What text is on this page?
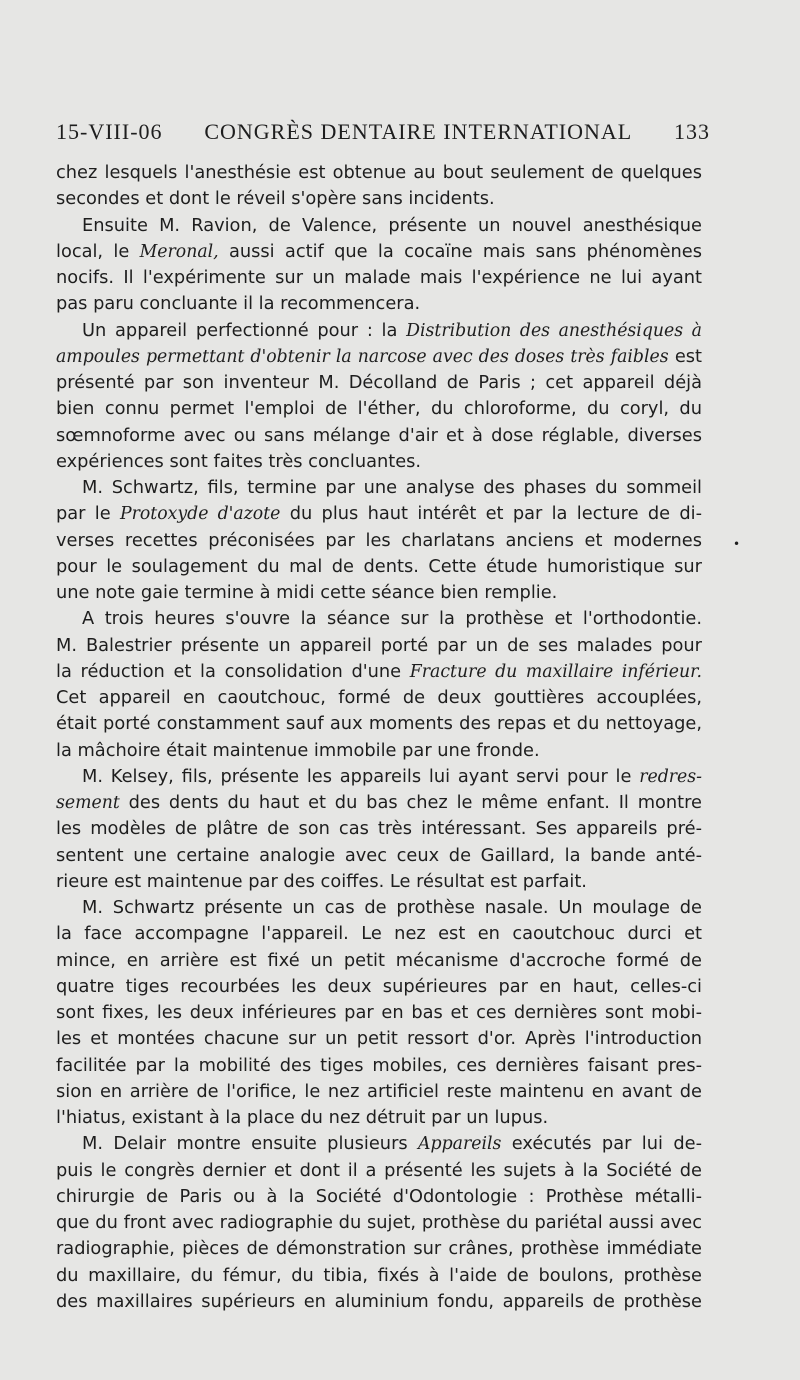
15-VIII-06 CONGRÈS DENTAIRE INTERNATIONAL 133
chez lesquels l'anesthésie est obtenue au bout seulement de quelques
secondes et dont le réveil s'opère sans incidents.
Ensuite M. Ravion, de Valence, présente un nouvel anesthésique
local, le Meronal, aussi actif que la cocaïne mais sans phénomènes
nocifs. Il l'expérimente sur un malade mais l'expérience ne lui ayant
pas paru concluante il la recommencera.
Un appareil perfectionné pour : la Distribution des anesthésiques à
ampoules permettant d'obtenir la narcose avec des doses très faibles est
présenté par son inventeur M. Décolland de Paris ; cet appareil déjà
bien connu permet l'emploi de l'éther, du chloroforme, du coryl, du
sœmnoforme avec ou sans mélange d'air et à dose réglable, diverses
expériences sont faites très concluantes.
M. Schwartz, fils, termine par une analyse des phases du sommeil
par le Protoxyde d'azote du plus haut intérêt et par la lecture de di-
verses recettes préconisées par les charlatans anciens et modernes
pour le soulagement du mal de dents. Cette étude humoristique sur
une note gaie termine à midi cette séance bien remplie.
A trois heures s'ouvre la séance sur la prothèse et l'orthodontie.
M. Balestrier présente un appareil porté par un de ses malades pour
la réduction et la consolidation d'une Fracture du maxillaire inférieur.
Cet appareil en caoutchouc, formé de deux gouttières accouplées,
était porté constamment sauf aux moments des repas et du nettoyage,
la mâchoire était maintenue immobile par une fronde.
M. Kelsey, fils, présente les appareils lui ayant servi pour le redres-
sement des dents du haut et du bas chez le même enfant. Il montre
les modèles de plâtre de son cas très intéressant. Ses appareils pré-
sentent une certaine analogie avec ceux de Gaillard, la bande anté-
rieure est maintenue par des coiffes. Le résultat est parfait.
M. Schwartz présente un cas de prothèse nasale. Un moulage de
la face accompagne l'appareil. Le nez est en caoutchouc durci et
mince, en arrière est fixé un petit mécanisme d'accroche formé de
quatre tiges recourbées les deux supérieures par en haut, celles-ci
sont fixes, les deux inférieures par en bas et ces dernières sont mobi-
les et montées chacune sur un petit ressort d'or. Après l'introduction
facilitée par la mobilité des tiges mobiles, ces dernières faisant pres-
sion en arrière de l'orifice, le nez artificiel reste maintenu en avant de
l'hiatus, existant à la place du nez détruit par un lupus.
M. Delair montre ensuite plusieurs Appareils exécutés par lui de-
puis le congrès dernier et dont il a présenté les sujets à la Société de
chirurgie de Paris ou à la Société d'Odontologie : Prothèse métalli-
que du front avec radiographie du sujet, prothèse du pariétal aussi avec
radiographie, pièces de démonstration sur crânes, prothèse immédiate
du maxillaire, du fémur, du tibia, fixés à l'aide de boulons, prothèse
des maxillaires supérieurs en aluminium fondu, appareils de prothèse
•
